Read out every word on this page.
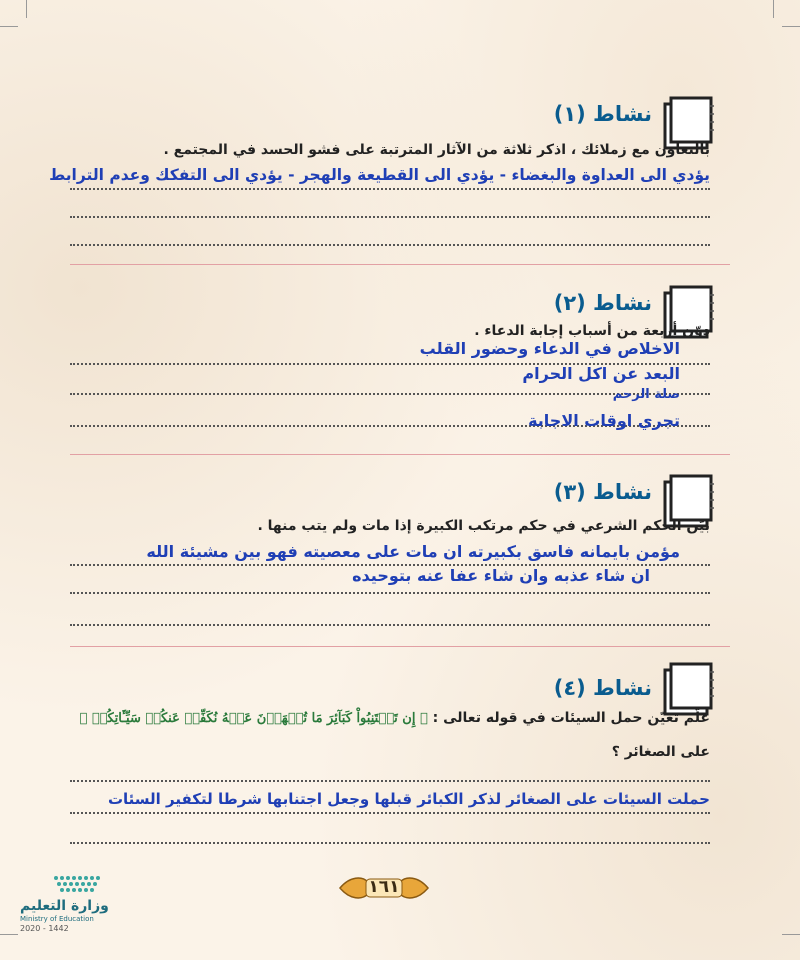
نشاط (١)
بالتعاون مع زملائك ، اذكر ثلاثة من الآثار المترتبة على فشو الحسد في المجتمع .
يؤدي الى العداوة والبغضاء - يؤدي الى القطيعة والهجر - يؤدي الى التفكك وعدم الترابط
نشاط (٢)
دوّن أربعة من أسباب إجابة الدعاء .
الاخلاص في الدعاء وحضور القلب
البعد عن اكل الحرام
صلة الرحم
تجري اوقات الاجابة
نشاط (٣)
بيّن الحكم الشرعي في حكم مرتكب الكبيرة إذا مات ولم يتب منها .
مؤمن بايمانه فاسق بكبيرته ان مات على معصيته فهو بين مشيئة الله
ان شاء عذبه وان شاء عفا عنه بتوحيده
نشاط (٤)
علّم تعيّن حمل السيئات في قوله تعالى : ﴿ إِن تَجۡتَنِبُواْ كَبَآئِرَ مَا تُنۡهَوۡنَ عَنۡهُ نُكَفِّرۡ عَنكُمۡ سَيِّـَٔاتِكُمۡ ﴾
على الصغائر ؟
حملت السيئات على الصغائر لذكر الكبائر قبلها وجعل اجتنابها شرطا لتكفير السئات
١٦١
وزارة التعليم
Ministry of Education
2020 - 1442
